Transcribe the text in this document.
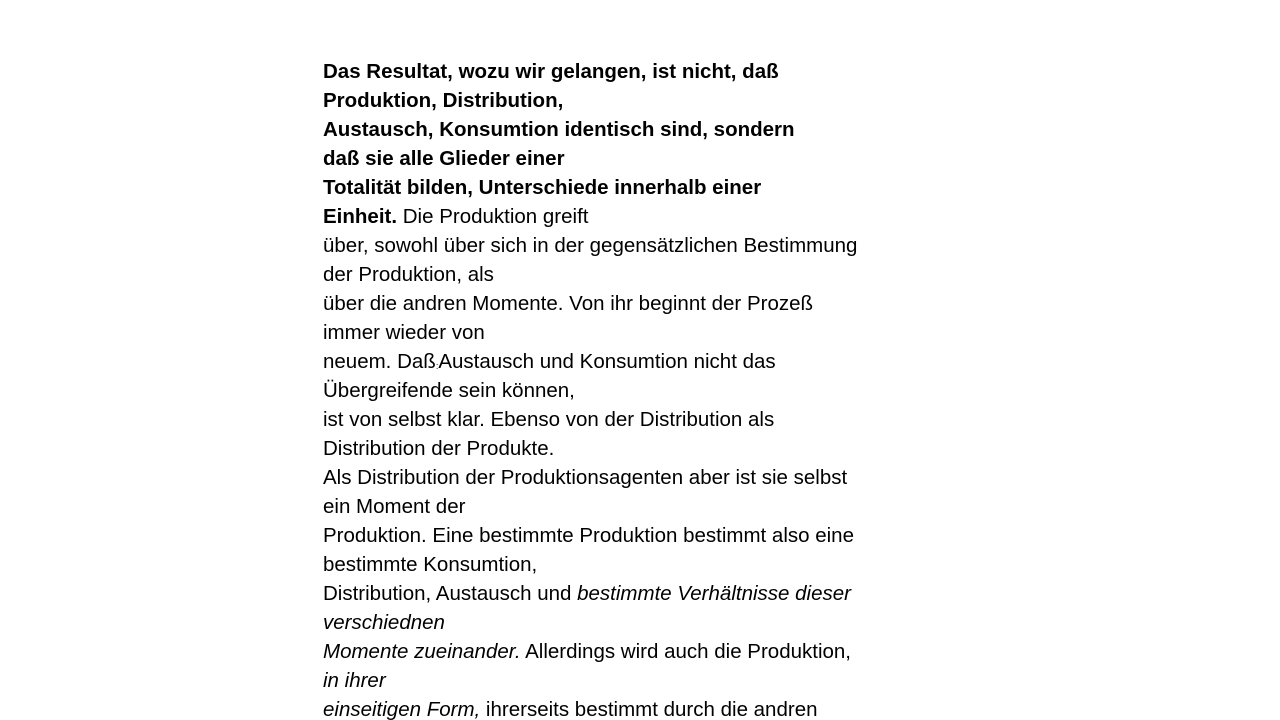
Das Resultat, wozu wir gelangen, ist nicht, daß
Produktion, Distribution,
Austausch, Konsumtion identisch sind, sondern
daß sie alle Glieder einer
Totalität bilden, Unterschiede innerhalb einer
Einheit. Die Produktion greift
über, sowohl über sich in der gegensätzlichen Bestimmung
der Produktion, als
über die andren Momente. Von ihr beginnt der Prozeß
immer wieder von
neuem. Daß:Austausch und Konsumtion nicht das
Übergreifende sein können,
ist von selbst klar. Ebenso von der Distribution als
Distribution der Produkte.
Als Distribution der Produktionsagenten aber ist sie selbst
ein Moment der
Produktion. Eine bestimmte Produktion bestimmt also eine
bestimmte Konsumtion,
Distribution, Austausch und bestimmte Verhältnisse dieser
verschiednen
Momente zueinander. Allerdings wird auch die Produktion,
in ihrer
einseitigen Form, ihrerseits bestimmt durch die andren
